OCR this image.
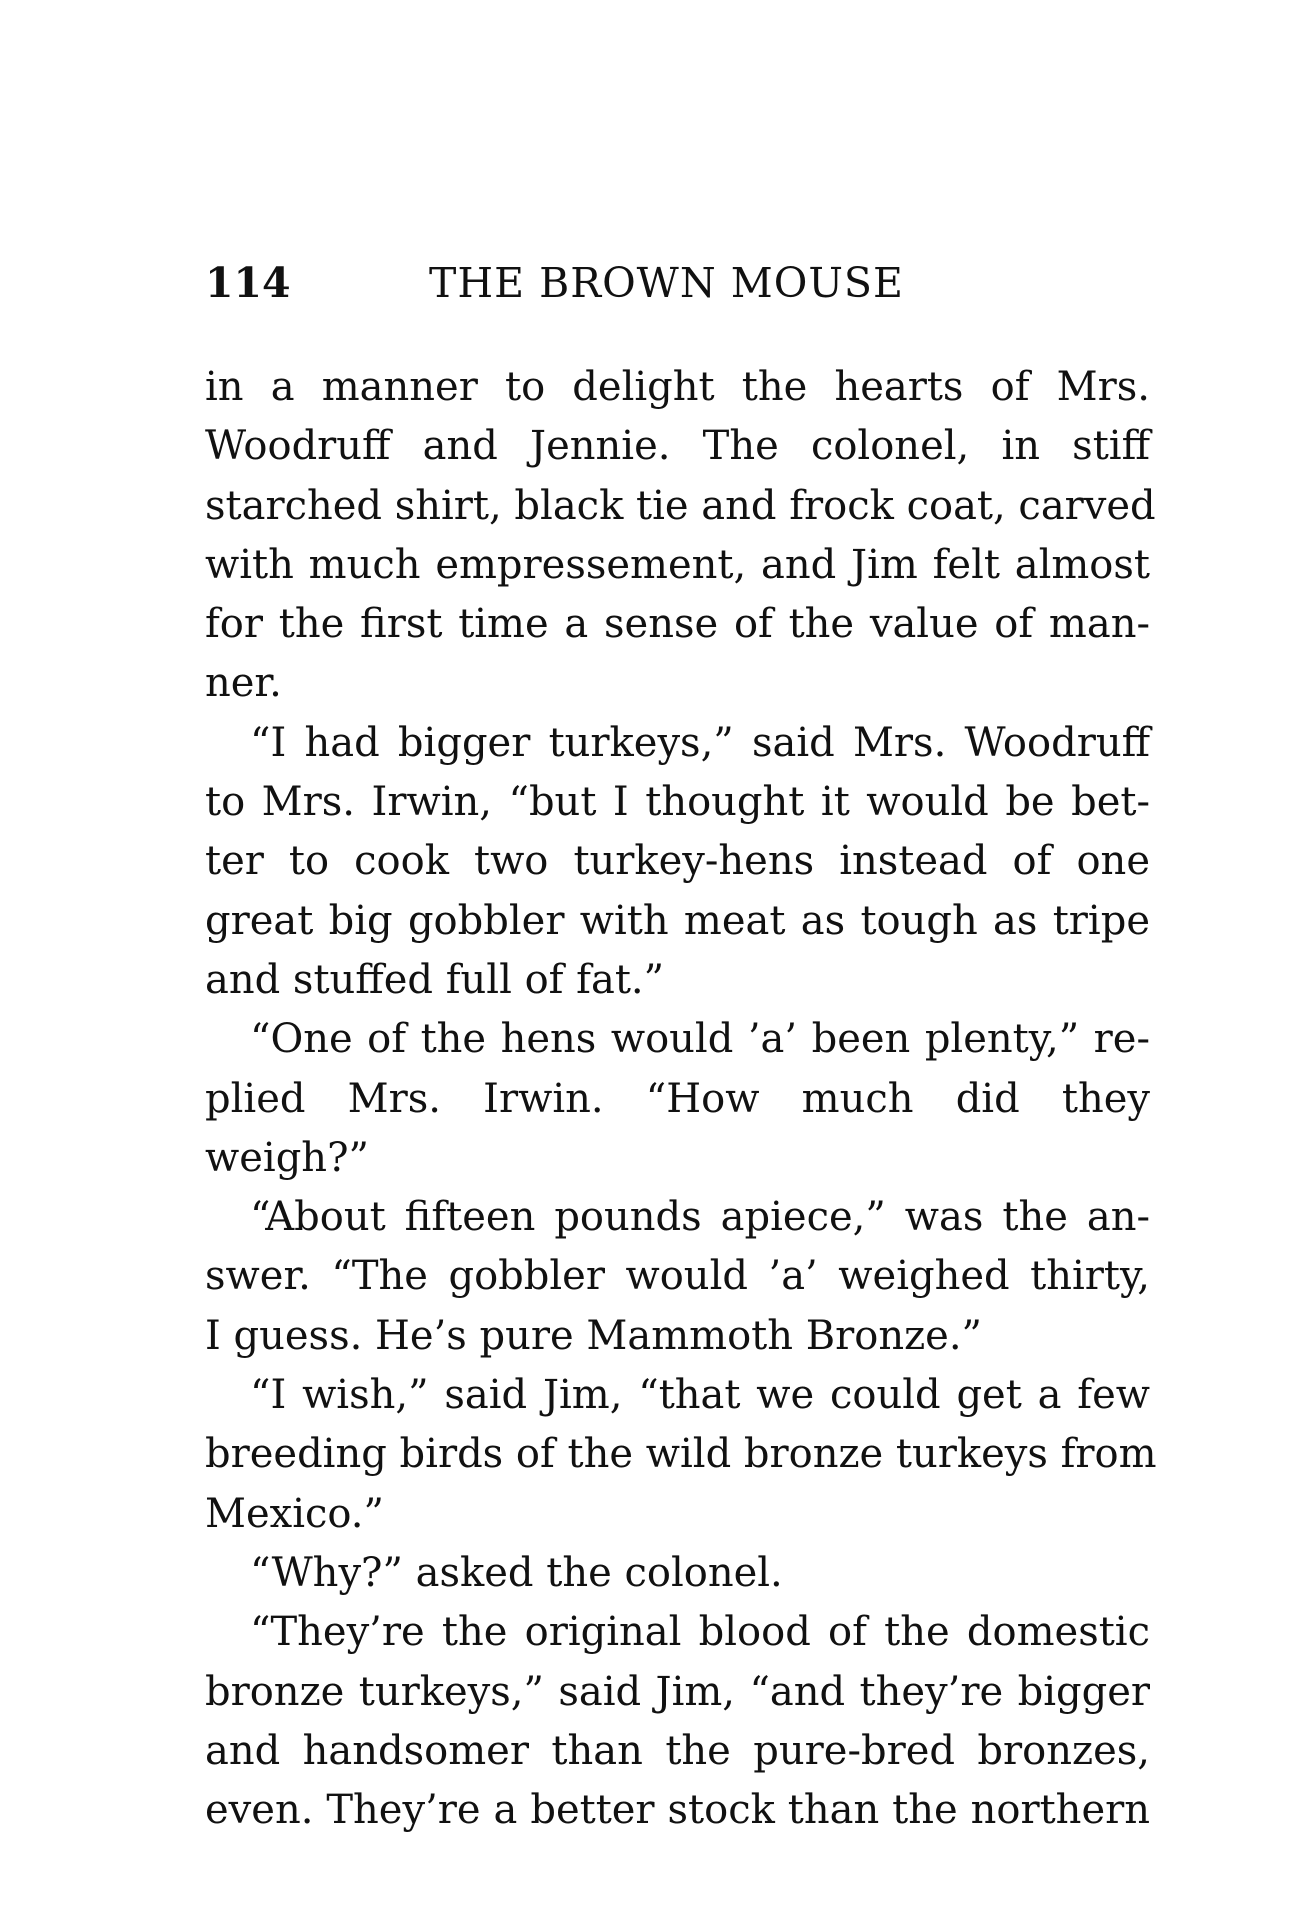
114	THE BROWN MOUSE
in a manner to delight the hearts of Mrs.
Woodruff and Jennie. The colonel, in stiff
starched shirt, black tie and frock coat, carved
with much empressement, and Jim felt almost
for the first time a sense of the value of man-
ner.
“I had bigger turkeys,” said Mrs. Woodruff
to Mrs. Irwin, “but I thought it would be bet-
ter to cook two turkey-hens instead of one
great big gobbler with meat as tough as tripe
and stuffed full of fat.”
“One of the hens would ’a’ been plenty,” re-
plied Mrs. Irwin. “How much did they
weigh?”
“About fifteen pounds apiece,” was the an-
swer. “The gobbler would ’a’ weighed thirty,
I guess. He’s pure Mammoth Bronze.”
“I wish,” said Jim, “that we could get a few
breeding birds of the wild bronze turkeys from
Mexico.”
“Why?” asked the colonel.
“They’re the original blood of the domestic
bronze turkeys,” said Jim, “and they’re bigger
and handsomer than the pure-bred bronzes,
even. They’re a better stock than the northern
